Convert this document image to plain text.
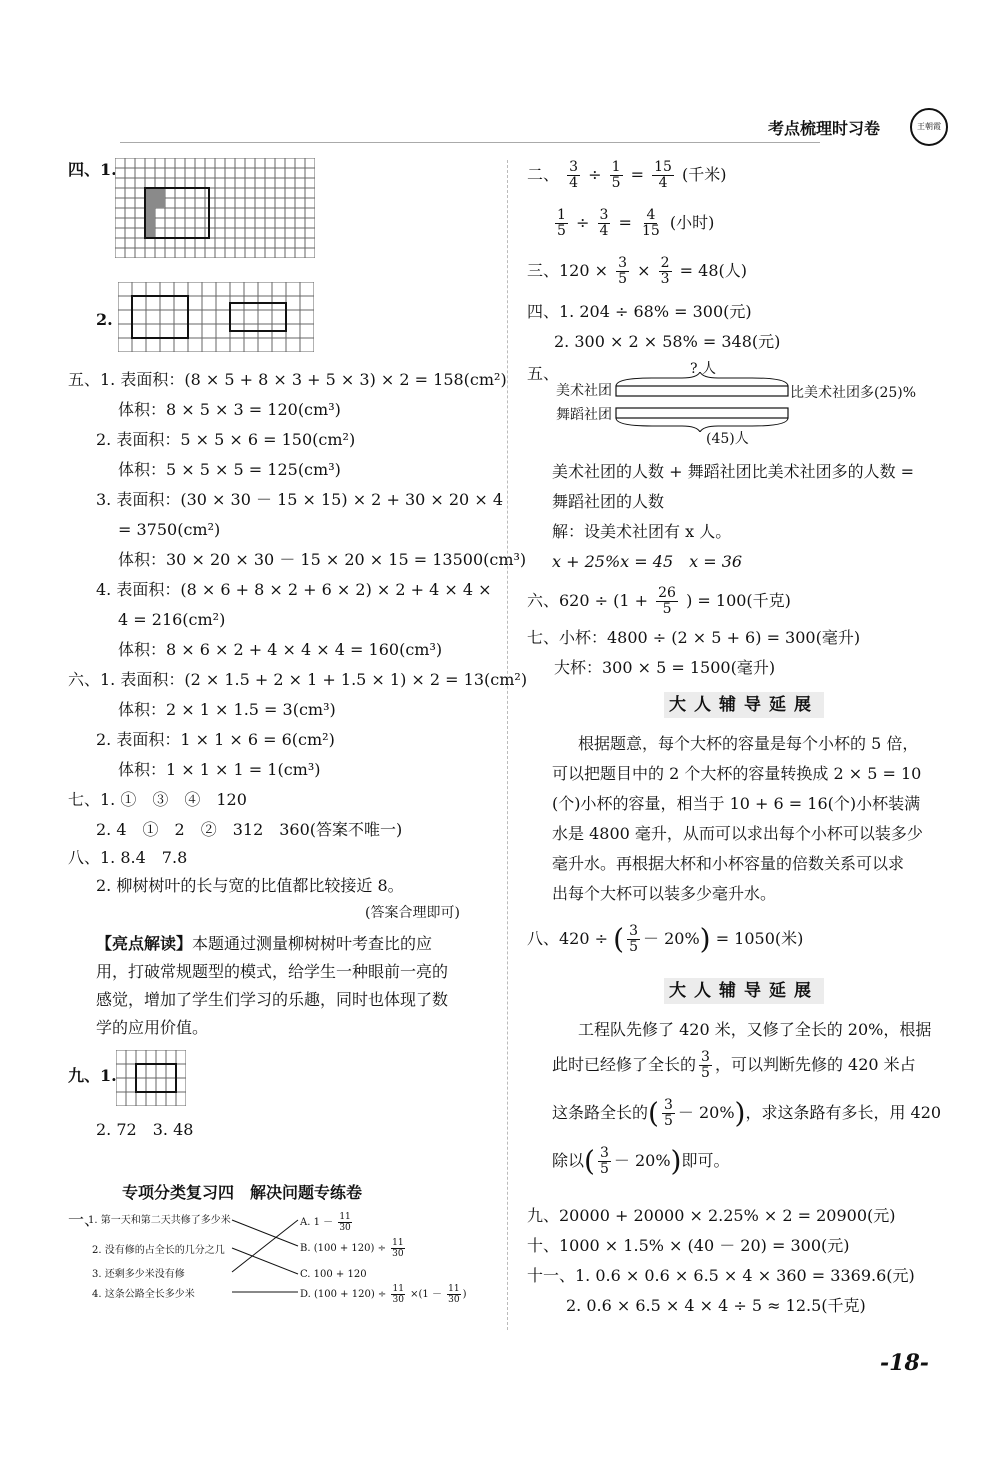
考点梳理时习卷	王朝霞
四、1.
2.
五、1. 表面积：(8 × 5 + 8 × 3 + 5 × 3) × 2 = 158(cm²)
体积：8 × 5 × 3 = 120(cm³)
2. 表面积：5 × 5 × 6 = 150(cm²)
体积：5 × 5 × 5 = 125(cm³)
3. 表面积：(30 × 30 － 15 × 15) × 2 + 30 × 20 × 4
= 3750(cm²)
体积：30 × 20 × 30 － 15 × 20 × 15 = 13500(cm³)
4. 表面积：(8 × 6 + 8 × 2 + 6 × 2) × 2 + 4 × 4 ×
4 = 216(cm²)
体积：8 × 6 × 2 + 4 × 4 × 4 = 160(cm³)
六、1. 表面积：(2 × 1.5 + 2 × 1 + 1.5 × 1) × 2 = 13(cm²)
体积：2 × 1 × 1.5 = 3(cm³)
2. 表面积：1 × 1 × 6 = 6(cm²)
体积：1 × 1 × 1 = 1(cm³)
七、1. ①　③　④　120
2. 4　①　2　②　312　360(答案不唯一)
八、1. 8.4　7.8
2. 柳树树叶的长与宽的比值都比较接近 8。
(答案合理即可)
【亮点解读】本题通过测量柳树树叶考查比的应
用，打破常规题型的模式，给学生一种眼前一亮的
感觉，增加了学生们学习的乐趣，同时也体现了数
学的应用价值。
九、1.
2. 72　3. 48
专项分类复习四　解决问题专练卷
一、
1. 第一天和第二天共修了多少米
2. 没有修的占全长的几分之几
3. 还剩多少米没有修
4. 这条公路全长多少米
A. $1 - \frac{11}{30}$
B. $(100 + 120) \div \frac{11}{30}$
C. 100 + 120
D. $(100 + 120) \div \frac{11}{30} \times(1 - \frac{11}{30}$ )
二、 $\frac{3}{4} \div \frac{1}{5} = \frac{15}{4}$ (千米)
$\frac{1}{5} \div \frac{3}{4} = \frac{4}{15}$ (小时)
三、$120 \times \frac{3}{5} \times \frac{2}{3} = 48$(人)
四、1. 204 ÷ 68% = 300(元)
2. 300 × 2 × 58% = 348(元)
五、	? 人
美术社团
舞蹈社团
比美术社团多(25)%
(45)人
美术社团的人数 + 舞蹈社团比美术社团多的人数 =
舞蹈社团的人数
解：设美术社团有 x 人。
x + 25%x = 45　x = 36
六、$620 \div (1 + \frac{26}{5}$ ) = 100(千克)
七、小杯：4800 ÷ (2 × 5 + 6) = 300(毫升)
大杯：300 × 5 = 1500(毫升)
大人辅导延展
根据题意，每个大杯的容量是每个小杯的 5 倍，
可以把题目中的 2 个大杯的容量转换成 2 × 5 = 10
(个)小杯的容量，相当于 10 + 6 = 16(个)小杯装满
水是 4800 毫升，从而可以求出每个小杯可以装多少
毫升水。再根据大杯和小杯容量的倍数关系可以求
出每个大杯可以装多少毫升水。
八、420 ÷ ( $\frac{3}{5} - 20\%) = 1050$(米)
大人辅导延展
工程队先修了 420 米，又修了全长的 20%，根据
此时已经修了全长的 $\frac{3}{5}$ ，可以判断先修的 420 米占
这条路全长的( $\frac{3}{5} - 20\%$)，求这条路有多长，用 420
除以( $\frac{3}{5} - 20\%$)即可。
九、20000 + 20000 × 2.25% × 2 = 20900(元)
十、1000 × 1.5% × (40 － 20) = 300(元)
十一、1. 0.6 × 0.6 × 6.5 × 4 × 360 = 3369.6(元)
2. 0.6 × 6.5 × 4 × 4 ÷ 5 ≈ 12.5(千克)
-18-
